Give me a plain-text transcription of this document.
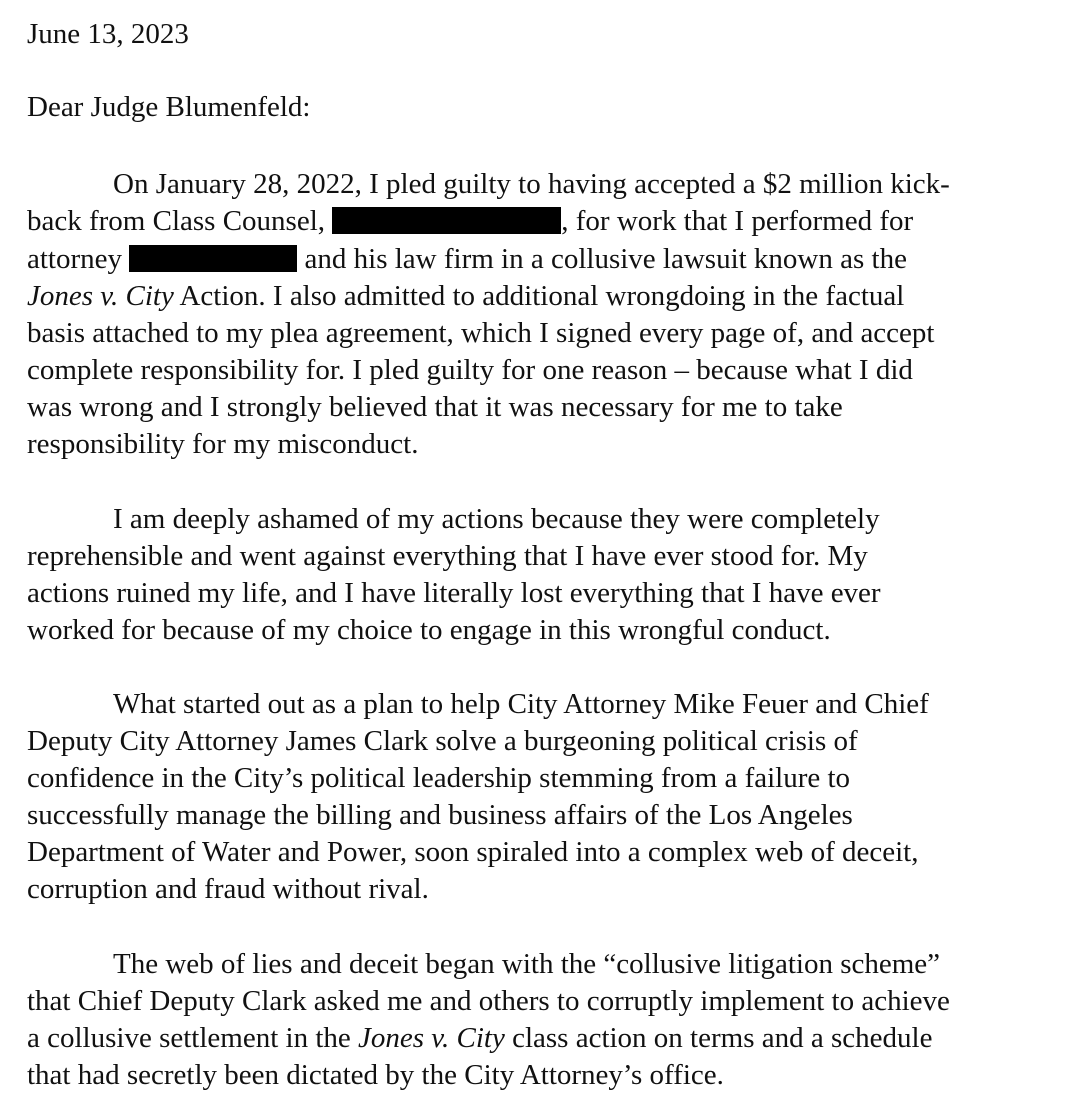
June 13, 2023
Dear Judge Blumenfeld:
On January 28, 2022, I pled guilty to having accepted a $2 million kick-
back from Class Counsel,	, for work that I performed for
attorney	and his law firm in a collusive lawsuit known as the
Jones v. City Action. I also admitted to additional wrongdoing in the factual
basis attached to my plea agreement, which I signed every page of, and accept
complete responsibility for. I pled guilty for one reason – because what I did
was wrong and I strongly believed that it was necessary for me to take
responsibility for my misconduct.
I am deeply ashamed of my actions because they were completely
reprehensible and went against everything that I have ever stood for. My
actions ruined my life, and I have literally lost everything that I have ever
worked for because of my choice to engage in this wrongful conduct.
What started out as a plan to help City Attorney Mike Feuer and Chief
Deputy City Attorney James Clark solve a burgeoning political crisis of
confidence in the City’s political leadership stemming from a failure to
successfully manage the billing and business affairs of the Los Angeles
Department of Water and Power, soon spiraled into a complex web of deceit,
corruption and fraud without rival.
The web of lies and deceit began with the “collusive litigation scheme”
that Chief Deputy Clark asked me and others to corruptly implement to achieve
a collusive settlement in the Jones v. City class action on terms and a schedule
that had secretly been dictated by the City Attorney’s office.
